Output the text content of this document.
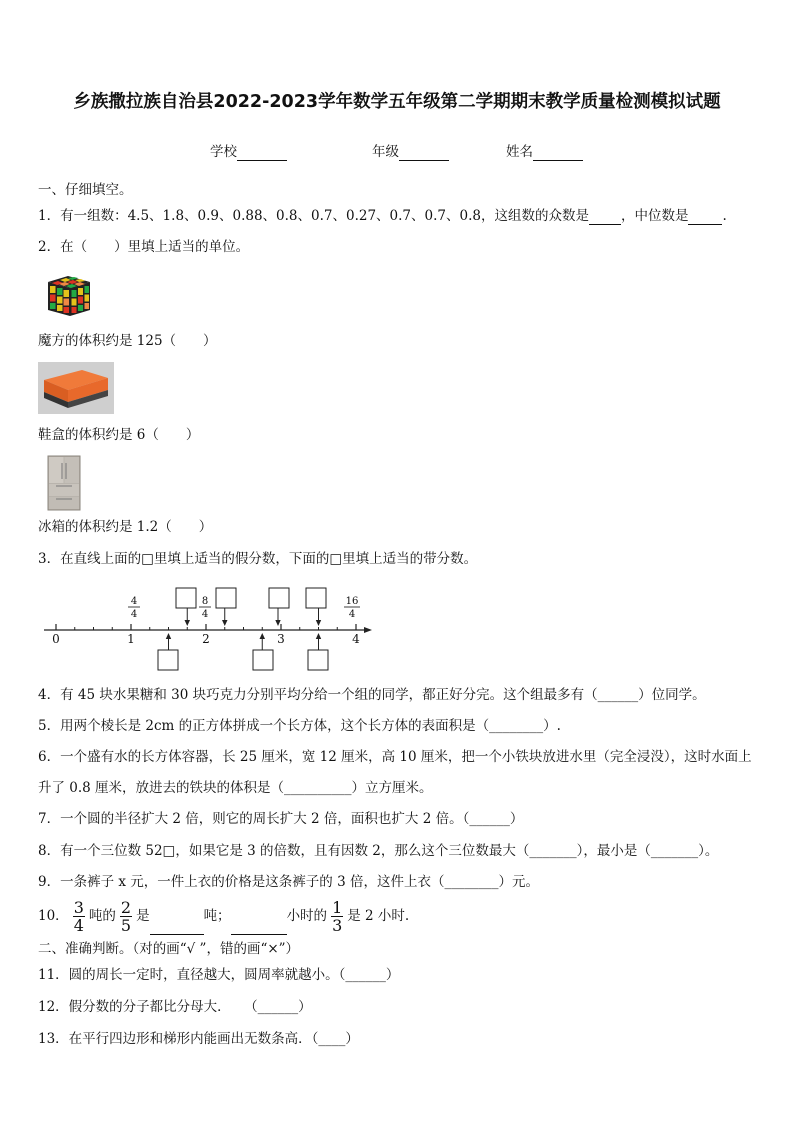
乡族撒拉族自治县2022-2023学年数学五年级第二学期期末教学质量检测模拟试题
学校	年级	姓名
一、仔细填空。
1．有一组数：4.5、1.8、0.9、0.88、0.8、0.7、0.27、0.7、0.7、0.8，这组数的众数是 ，中位数是	.
2．在（　　）里填上适当的单位。
魔方的体积约是 125（　　）
鞋盒的体积约是 6（　　）
冰箱的体积约是 1.2（　　）
3．在直线上面的□里填上适当的假分数，下面的□里填上适当的带分数。
0	1	2	3	4
4
4
8
4
16
4
4．有 45 块水果糖和 30 块巧克力分别平均分给一个组的同学，都正好分完。这个组最多有（______）位同学。
5．用两个棱长是 2cm 的正方体拼成一个长方体，这个长方体的表面积是（________）.
6．一个盛有水的长方体容器，长 25 厘米，宽 12 厘米，高 10 厘米，把一个小铁块放进水里（完全浸没），这时水面上
升了 0.8 厘米，放进去的铁块的体积是（__________）立方厘米。
7．一个圆的半径扩大 2 倍，则它的周长扩大 2 倍，面积也扩大 2 倍。（______）
8．有一个三位数 52□，如果它是 3 的倍数，且有因数 2，那么这个三位数最大（_______），最小是（_______）。
9．一条裤子 x 元，一件上衣的价格是这条裤子的 3 倍，这件上衣（________）元。
10． $\frac{3}{4}$ 吨的 $\frac{2}{5}$ 是	吨；	小时的 $\frac{1}{3}$ 是 2 小时.
二、准确判断。（对的画“√ ”，错的画“×”）
11．圆的周长一定时，直径越大，圆周率就越小。（______）
12．假分数的分子都比分母大．　　（______）
13．在平行四边形和梯形内能画出无数条高．（____）
